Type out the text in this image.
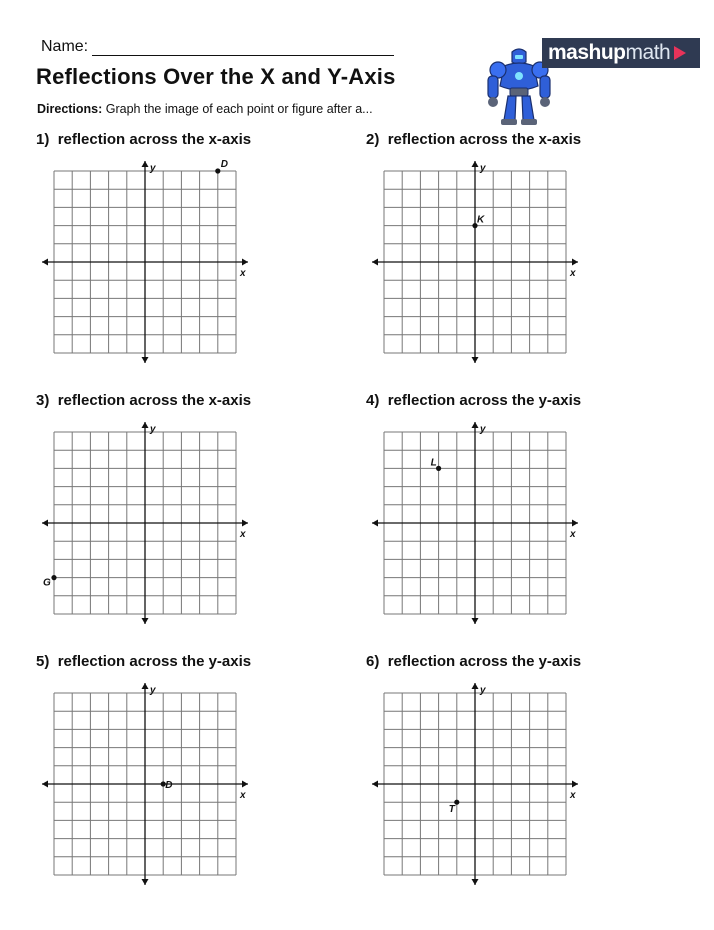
Name:
Reflections Over the X and Y-Axis
Directions: Graph the image of each point or figure after a...
mashupmath

1) reflection across the x-axis	2) reflection across the x-axis

3) reflection across the x-axis	4) reflection across the y-axis

5) reflection across the y-axis	6) reflection across the y-axis

x
y	D
x
y
K
x
y
G
x
y
L
x
y
D
x
y
T
